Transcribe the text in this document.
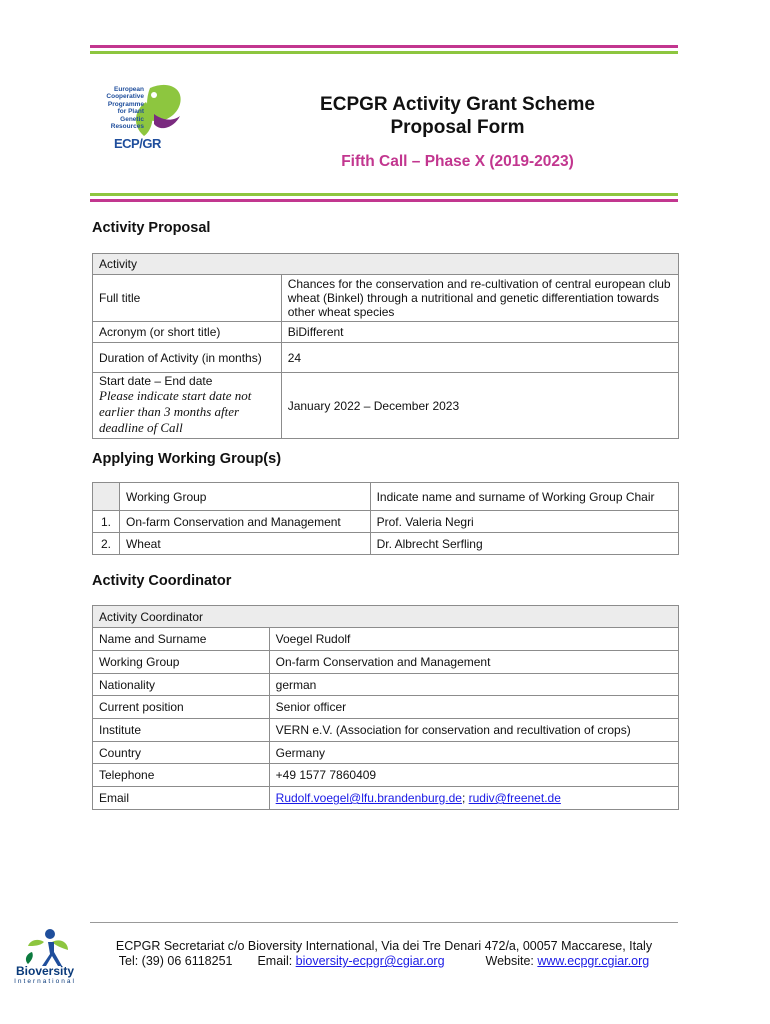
European
Cooperative
Programme
for Plant
Genetic
Resources
ECP/GR
ECPGR Activity Grant Scheme
Proposal Form
Fifth Call – Phase X (2019-2023)
Activity Proposal
Activity	
Full title	Chances for the conservation and re-cultivation of central european club wheat (Binkel) through a nutritional and genetic differentiation towards other wheat species
Acronym (or short title)	BiDifferent
Duration of Activity (in months)	24

Start date – End date
Please indicate start date not earlier than 3 months after deadline of Call	January 2022 – December 2023
Applying Working Group(s)
	Working Group	Indicate name and surname of Working Group Chair
1.	On-farm Conservation and Management	Prof. Valeria Negri
2.	Wheat	Dr. Albrecht Serfling
Activity Coordinator
Activity Coordinator	
Name and Surname	Voegel Rudolf
Working Group	On-farm Conservation and Management
Nationality	german
Current position	Senior officer
Institute	VERN e.V. (Association for conservation and recultivation of crops)
Country	Germany
Telephone	+49 1577 7860409
Email	Rudolf.voegel@lfu.brandenburg.de; rudiv@freenet.de
Bioversity
International
ECPGR Secretariat c/o Bioversity International, Via dei Tre Denari 472/a, 00057 Maccarese, Italy
Tel: (39) 06 6118251 Email: bioversity-ecpgr@cgiar.org	Website: www.ecpgr.cgiar.org
